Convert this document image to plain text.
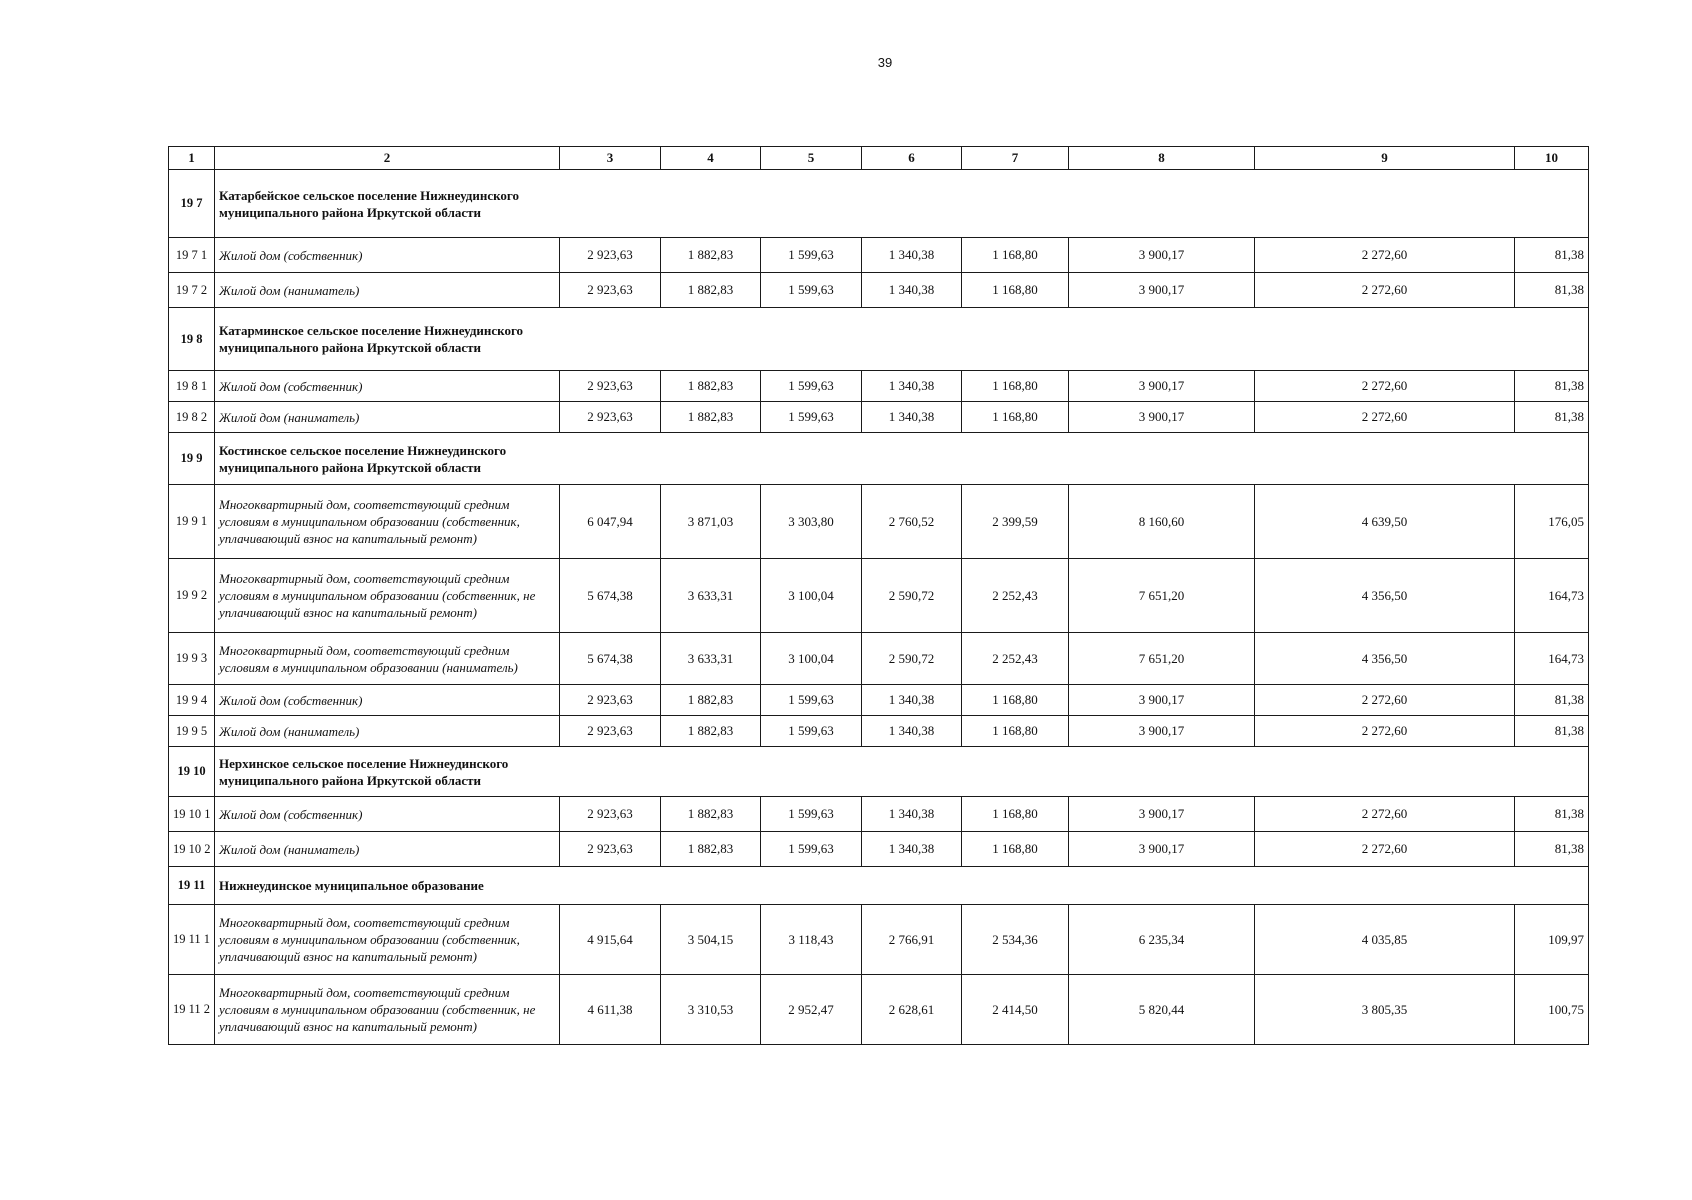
39
1	2	3	4	5	6	7	8	9	10
19 7	Катарбейское сельское поселение Нижнеудинского муниципального района Иркутской области								

19 7 1	Жилой дом (собственник)	2 923,63	1 882,83	1 599,63	1 340,38	1 168,80	3 900,17	2 272,60	81,38
19 7 2	Жилой дом (наниматель)	2 923,63	1 882,83	1 599,63	1 340,38	1 168,80	3 900,17	2 272,60	81,38
19 8	Катарминское сельское поселение Нижнеудинского муниципального района Иркутской области								

19 8 1	Жилой дом (собственник)	2 923,63	1 882,83	1 599,63	1 340,38	1 168,80	3 900,17	2 272,60	81,38
19 8 2	Жилой дом (наниматель)	2 923,63	1 882,83	1 599,63	1 340,38	1 168,80	3 900,17	2 272,60	81,38
19 9	Костинское сельское поселение Нижнеудинского муниципального района Иркутской области								

19 9 1	Многоквартирный дом, соответствующий средним условиям в муниципальном образовании (собственник, уплачивающий взнос на капитальный ремонт)	6 047,94	3 871,03	3 303,80	2 760,52	2 399,59	8 160,60	4 639,50	176,05
19 9 2	Многоквартирный дом, соответствующий средним условиям в муниципальном образовании (собственник, не уплачивающий взнос на капитальный ремонт)	5 674,38	3 633,31	3 100,04	2 590,72	2 252,43	7 651,20	4 356,50	164,73
19 9 3	Многоквартирный дом, соответствующий средним условиям в муниципальном образовании (наниматель)	5 674,38	3 633,31	3 100,04	2 590,72	2 252,43	7 651,20	4 356,50	164,73
19 9 4	Жилой дом (собственник)	2 923,63	1 882,83	1 599,63	1 340,38	1 168,80	3 900,17	2 272,60	81,38
19 9 5	Жилой дом (наниматель)	2 923,63	1 882,83	1 599,63	1 340,38	1 168,80	3 900,17	2 272,60	81,38
19 10	Нерхинское сельское поселение Нижнеудинского муниципального района Иркутской области								

19 10 1	Жилой дом (собственник)	2 923,63	1 882,83	1 599,63	1 340,38	1 168,80	3 900,17	2 272,60	81,38
19 10 2	Жилой дом (наниматель)	2 923,63	1 882,83	1 599,63	1 340,38	1 168,80	3 900,17	2 272,60	81,38
19 11	Нижнеудинское муниципальное образование								

19 11 1	Многоквартирный дом, соответствующий средним условиям в муниципальном образовании (собственник, уплачивающий взнос на капитальный ремонт)	4 915,64	3 504,15	3 118,43	2 766,91	2 534,36	6 235,34	4 035,85	109,97
19 11 2	Многоквартирный дом, соответствующий средним условиям в муниципальном образовании (собственник, не уплачивающий взнос на капитальный ремонт)	4 611,38	3 310,53	2 952,47	2 628,61	2 414,50	5 820,44	3 805,35	100,75
